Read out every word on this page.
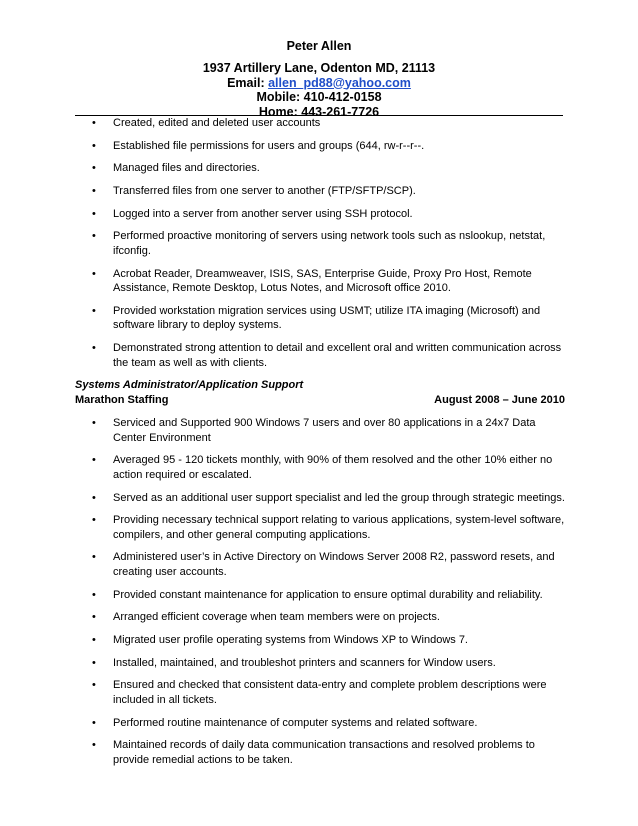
Peter Allen
1937 Artillery Lane, Odenton MD, 21113
Email: allen_pd88@yahoo.com
Mobile: 410-412-0158
Home: 443-261-7726
• Created, edited and deleted user accounts
• Established file permissions for users and groups (644, rw-r--r--.
• Managed files and directories.
• Transferred files from one server to another (FTP/SFTP/SCP).
• Logged into a server from another server using SSH protocol.
• Performed proactive monitoring of servers using network tools such as nslookup, netstat, ifconfig.
• Acrobat Reader, Dreamweaver, ISIS, SAS, Enterprise Guide, Proxy Pro Host, Remote Assistance, Remote Desktop, Lotus Notes, and Microsoft office 2010.
• Provided workstation migration services using USMT; utilize ITA imaging (Microsoft) and software library to deploy systems.
• Demonstrated strong attention to detail and excellent oral and written communication across the team as well as with clients.
Systems Administrator/Application Support
Marathon Staffing	August 2008 – June 2010
• Serviced and Supported 900 Windows 7 users and over 80 applications in a 24x7 Data Center Environment
• Averaged 95 - 120 tickets monthly, with 90% of them resolved and the other 10% either no action required or escalated.
• Served as an additional user support specialist and led the group through strategic meetings.
• Providing necessary technical support relating to various applications, system-level software, compilers, and other general computing applications.
• Administered user’s in Active Directory on Windows Server 2008 R2, password resets, and creating user accounts.
• Provided constant maintenance for application to ensure optimal durability and reliability.
• Arranged efficient coverage when team members were on projects.
• Migrated user profile operating systems from Windows XP to Windows 7.
• Installed, maintained, and troubleshot printers and scanners for Window users.
• Ensured and checked that consistent data-entry and complete problem descriptions were included in all tickets.
• Performed routine maintenance of computer systems and related software.
• Maintained records of daily data communication transactions and resolved problems to provide remedial actions to be taken.
